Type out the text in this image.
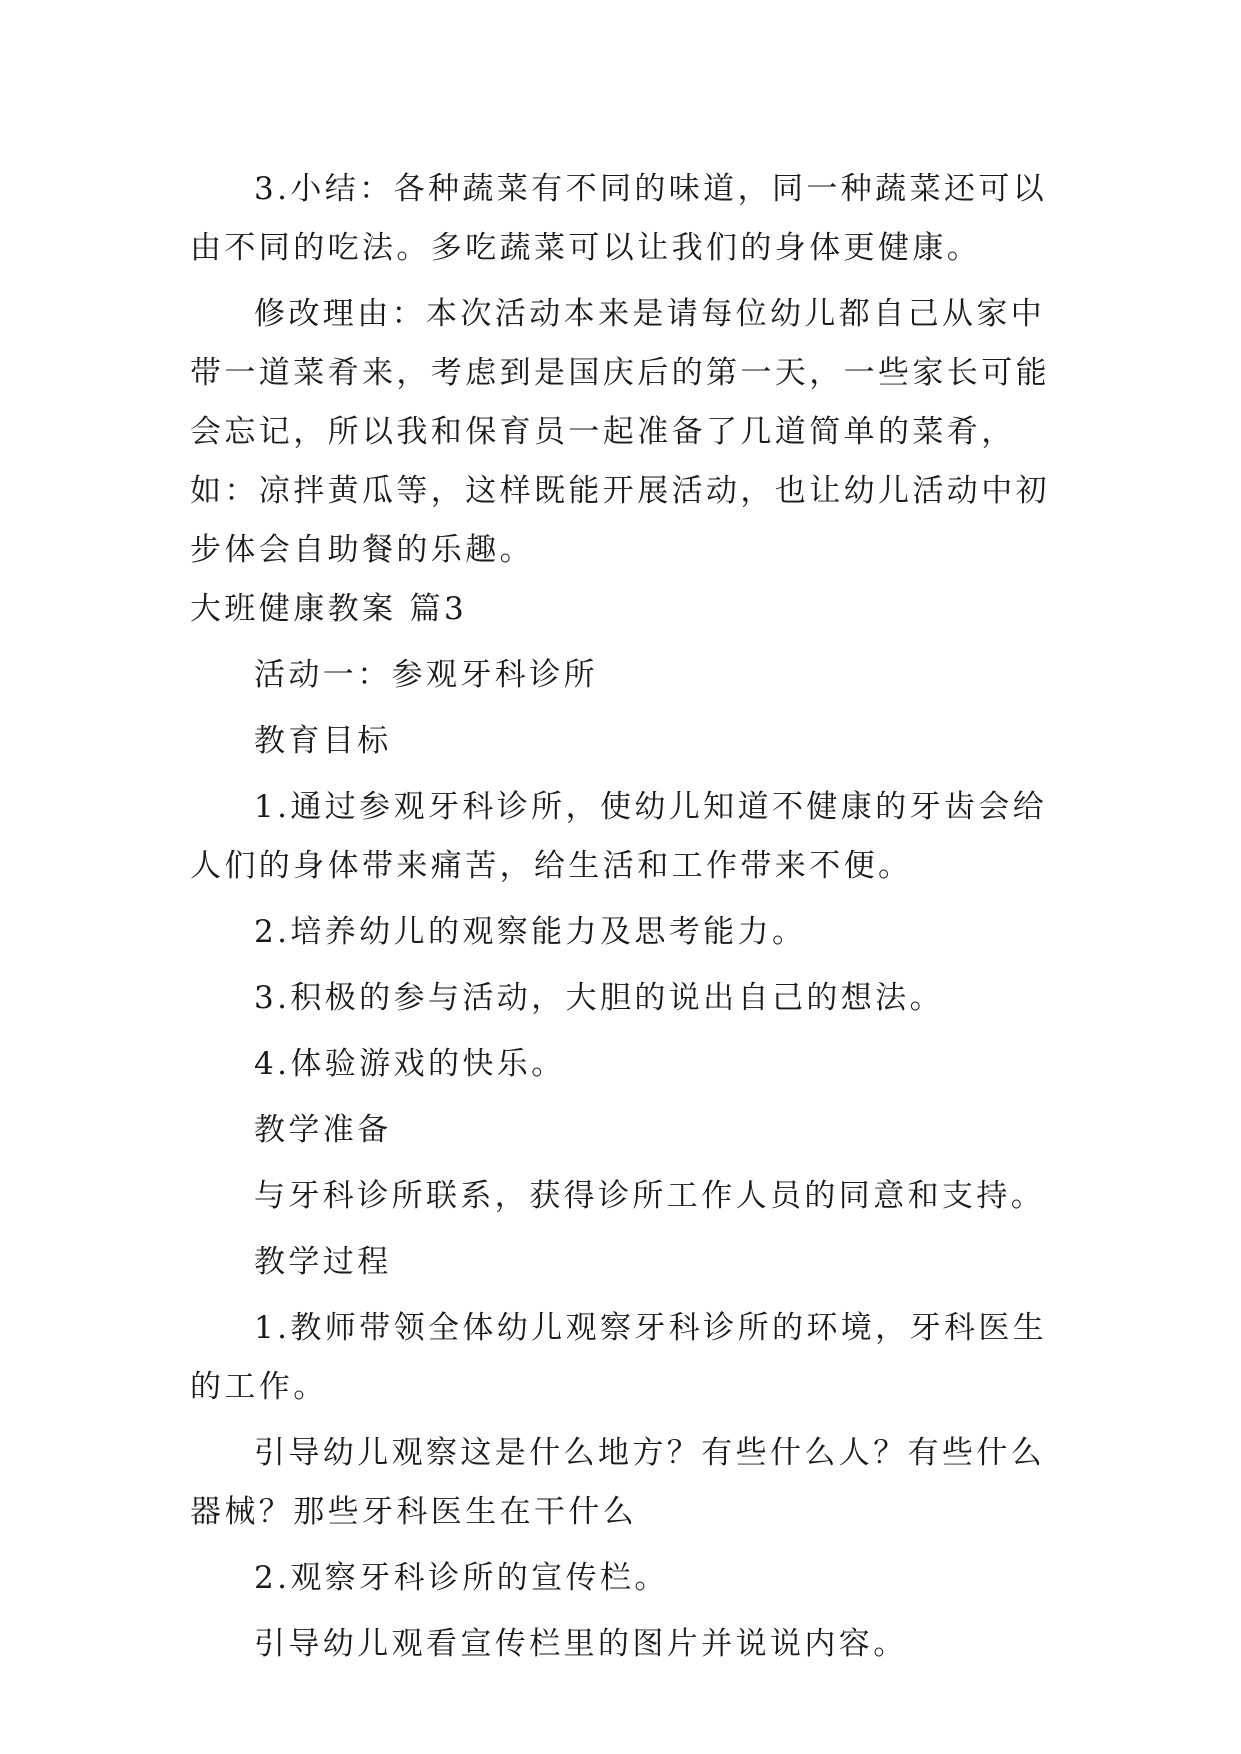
3.小结：各种蔬菜有不同的味道，同一种蔬菜还可以由不同的吃法。多吃蔬菜可以让我们的身体更健康。

修改理由：本次活动本来是请每位幼儿都自己从家中带一道菜肴来，考虑到是国庆后的第一天，一些家长可能会忘记，所以我和保育员一起准备了几道简单的菜肴，如：凉拌黄瓜等，这样既能开展活动，也让幼儿活动中初步体会自助餐的乐趣。

大班健康教案 篇3

活动一：参观牙科诊所

教育目标

1.通过参观牙科诊所，使幼儿知道不健康的牙齿会给人们的身体带来痛苦，给生活和工作带来不便。

2.培养幼儿的观察能力及思考能力。

3.积极的参与活动，大胆的说出自己的想法。

4.体验游戏的快乐。

教学准备

与牙科诊所联系，获得诊所工作人员的同意和支持。

教学过程

1.教师带领全体幼儿观察牙科诊所的环境，牙科医生的工作。

引导幼儿观察这是什么地方？有些什么人？有些什么器械？那些牙科医生在干什么

2.观察牙科诊所的宣传栏。

引导幼儿观看宣传栏里的图片并说说内容。
